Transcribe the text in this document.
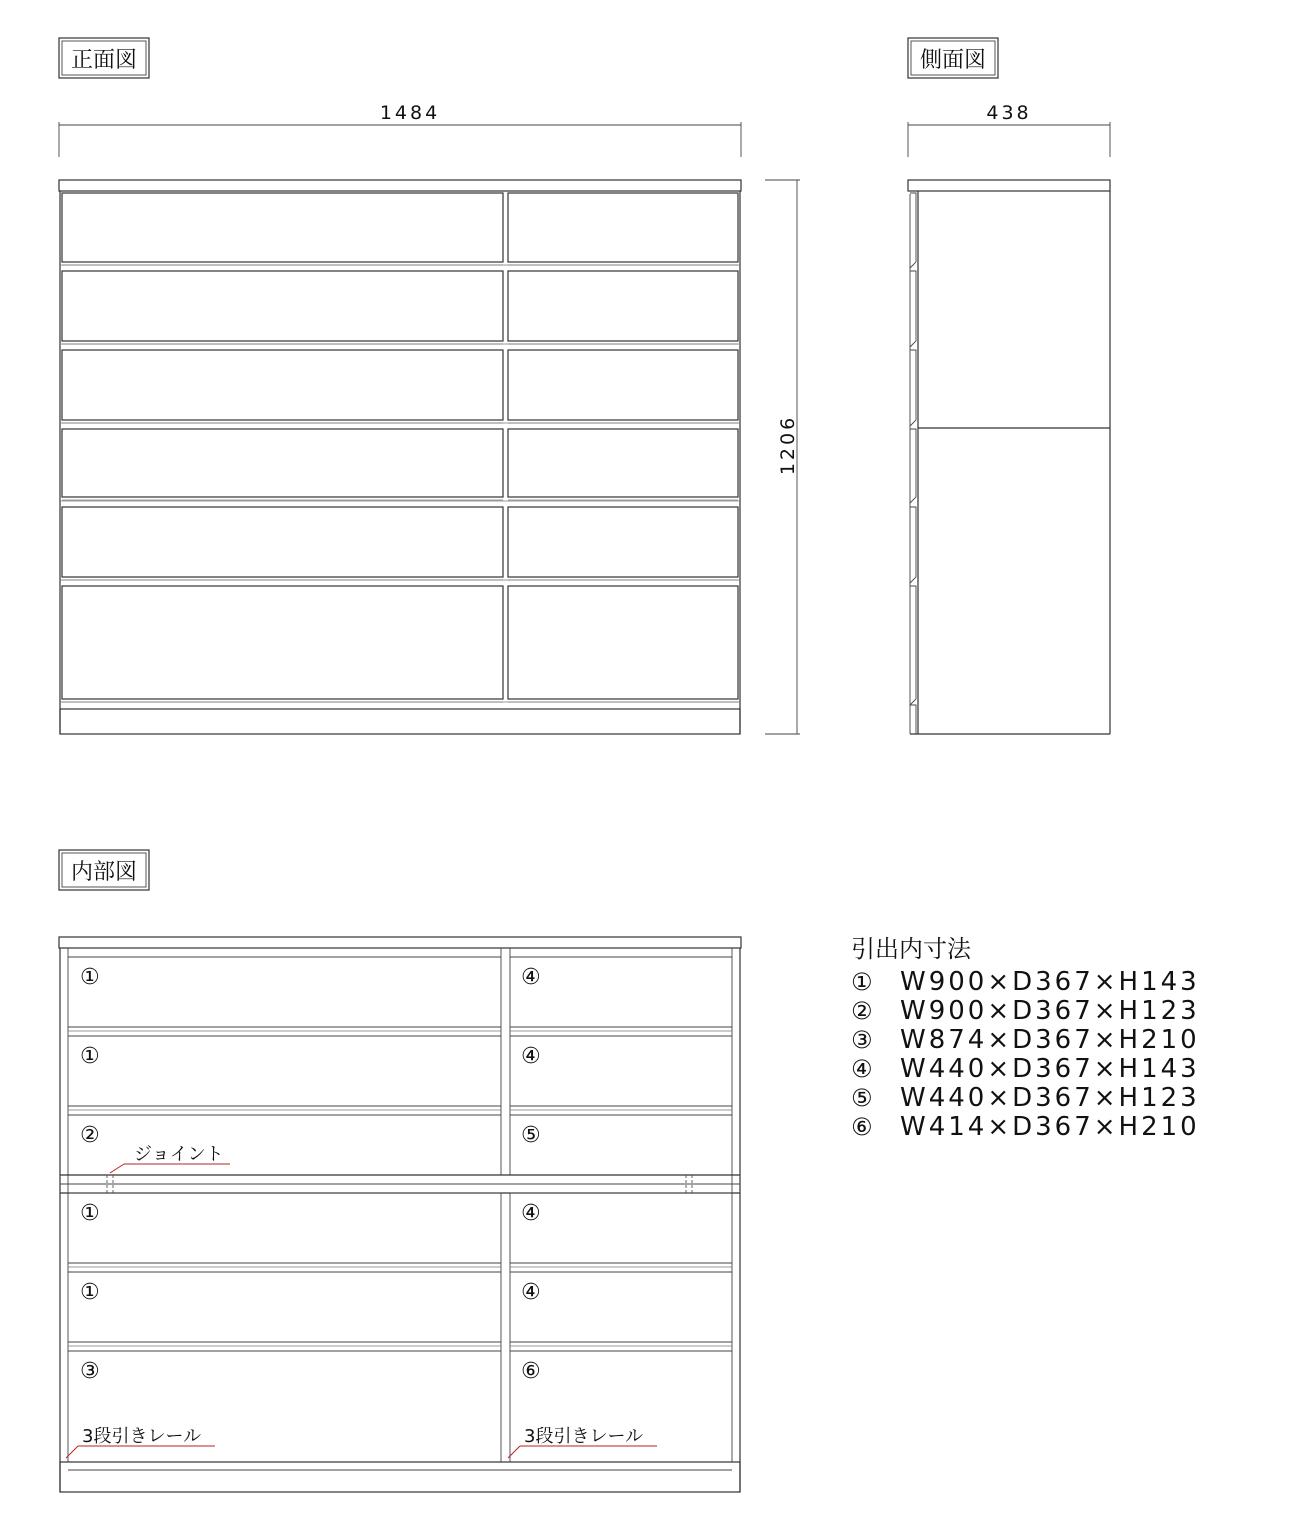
正面図
1484
1206
側面図
438
内部図
①	④
①	④
②	⑤
①	④
①	④
③	⑥
ジョイント
3段引きレール	3段引きレール
引出内寸法
① W900×D367×H143
② W900×D367×H123
③ W874×D367×H210
④ W440×D367×H143
⑤ W440×D367×H123
⑥ W414×D367×H210
